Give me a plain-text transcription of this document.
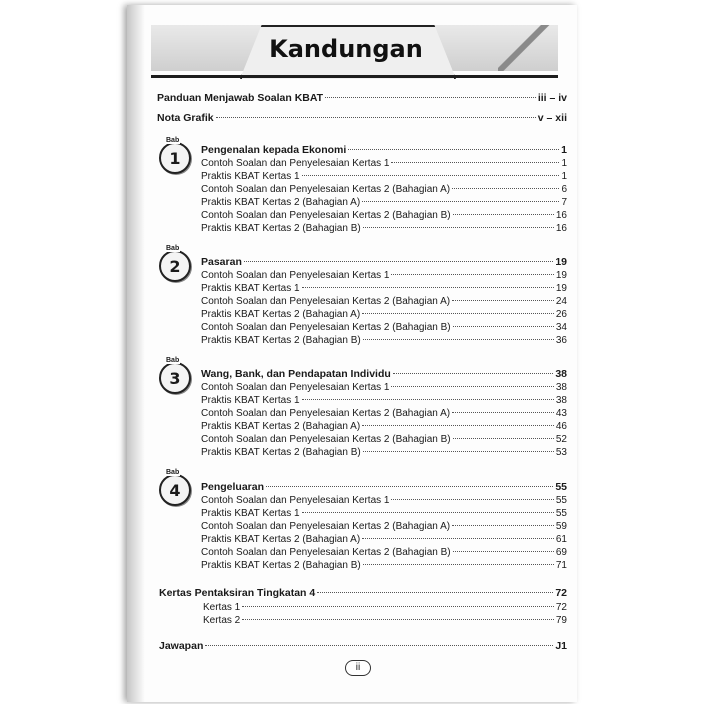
Kandungan
Panduan Menjawab Soalan KBAT	iii – iv
Nota Grafik	v – xii
Bab
1	Pengenalan kepada Ekonomi	1
Contoh Soalan dan Penyelesaian Kertas 1	1
Praktis KBAT Kertas 1	1
Contoh Soalan dan Penyelesaian Kertas 2 (Bahagian A)	6
Praktis KBAT Kertas 2 (Bahagian A)	7
Contoh Soalan dan Penyelesaian Kertas 2 (Bahagian B)	16
Praktis KBAT Kertas 2 (Bahagian B)	16
Bab
2	Pasaran	19
Contoh Soalan dan Penyelesaian Kertas 1	19
Praktis KBAT Kertas 1	19
Contoh Soalan dan Penyelesaian Kertas 2 (Bahagian A)	24
Praktis KBAT Kertas 2 (Bahagian A)	26
Contoh Soalan dan Penyelesaian Kertas 2 (Bahagian B)	34
Praktis KBAT Kertas 2 (Bahagian B)	36
Bab
3	Wang, Bank, dan Pendapatan Individu	38
Contoh Soalan dan Penyelesaian Kertas 1	38
Praktis KBAT Kertas 1	38
Contoh Soalan dan Penyelesaian Kertas 2 (Bahagian A)	43
Praktis KBAT Kertas 2 (Bahagian A)	46
Contoh Soalan dan Penyelesaian Kertas 2 (Bahagian B)	52
Praktis KBAT Kertas 2 (Bahagian B)	53
Bab
4	Pengeluaran	55
Contoh Soalan dan Penyelesaian Kertas 1	55
Praktis KBAT Kertas 1	55
Contoh Soalan dan Penyelesaian Kertas 2 (Bahagian A)	59
Praktis KBAT Kertas 2 (Bahagian A)	61
Contoh Soalan dan Penyelesaian Kertas 2 (Bahagian B)	69
Praktis KBAT Kertas 2 (Bahagian B)	71
Kertas Pentaksiran Tingkatan 4	72
Kertas 1	72
Kertas 2	79
Jawapan	J1
ii
